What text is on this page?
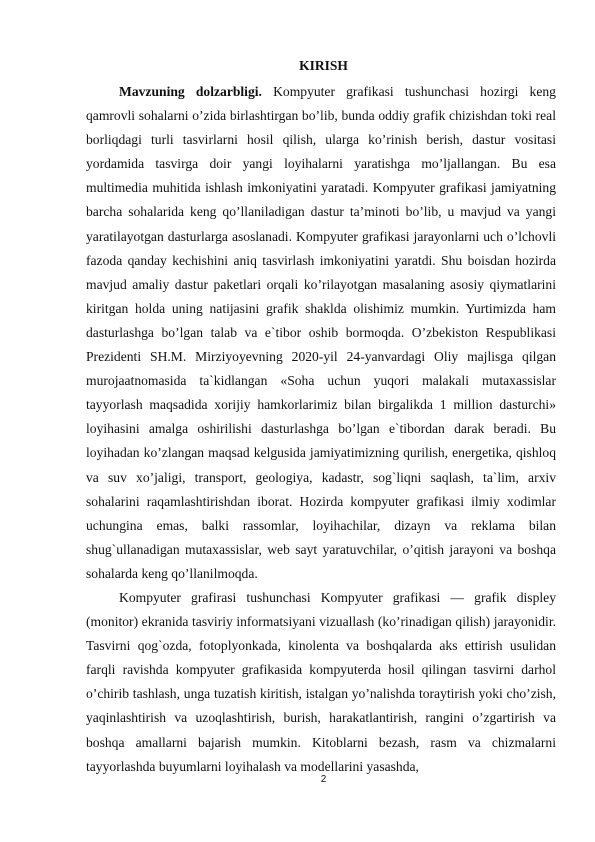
KIRISH

Mavzuning dolzarbligi. Kompyuter grafikasi tushunchasi hozirgi keng qamrovli sohalarni o’zida birlashtirgan bo’lib, bunda oddiy grafik chizishdan toki real borliqdagi turli tasvirlarni hosil qilish, ularga ko’rinish berish, dastur vositasi yordamida tasvirga doir yangi loyihalarni yaratishga mo’ljallangan. Bu esa multimedia muhitida ishlash imkoniyatini yaratadi. Kompyuter grafikasi jamiyatning barcha sohalarida keng qo’llaniladigan dastur ta’minoti bo’lib, u mavjud va yangi yaratilayotgan dasturlarga asoslanadi. Kompyuter grafikasi jarayonlarni uch o’lchovli fazoda qanday kechishini aniq tasvirlash imkoniyatini yaratdi. Shu boisdan hozirda mavjud amaliy dastur paketlari orqali ko’rilayotgan masalaning asosiy qiymatlarini kiritgan holda uning natijasini grafik shaklda olishimiz mumkin. Yurtimizda ham dasturlashga bo’lgan talab va e`tibor oshib bormoqda. O’zbekiston Respublikasi Prezidenti SH.M. Mirziyoyevning 2020-yil 24-yanvardagi Oliy majlisga qilgan murojaatnomasida ta`kidlangan «Soha uchun yuqori malakali mutaxassislar tayyorlash maqsadida xorijiy hamkorlarimiz bilan birgalikda 1 million dasturchi» loyihasini amalga oshirilishi dasturlashga bo’lgan e`tibordan darak beradi. Bu loyihadan ko’zlangan maqsad kelgusida jamiyatimizning qurilish, energetika, qishloq va suv xo’jaligi, transport, geologiya, kadastr, sog`liqni saqlash, ta`lim, arxiv sohalarini raqamlashtirishdan iborat. Hozirda kompyuter grafikasi ilmiy xodimlar uchungina emas, balki rassomlar, loyihachilar, dizayn va reklama bilan shug`ullanadigan mutaxassislar, web sayt yaratuvchilar, o’qitish jarayoni va boshqa sohalarda keng qo’llanilmoqda.

Kompyuter grafirasi tushunchasi Kompyuter grafikasi — grafik displey (monitor) ekranida tasviriy informatsiyani vizuallash (ko’rinadigan qilish) jarayonidir. Tasvirni qog`ozda, fotoplyonkada, kinolenta va boshqalarda aks ettirish usulidan farqli ravishda kompyuter grafikasida kompyuterda hosil qilingan tasvirni darhol o’chirib tashlash, unga tuzatish kiritish, istalgan yo’nalishda toraytirish yoki cho’zish, yaqinlashtirish va uzoqlashtirish, burish, harakatlantirish, rangini o’zgartirish va boshqa amallarni bajarish mumkin. Kitoblarni bezash, rasm va chizmalarni tayyorlashda buyumlarni loyihalash va modellarini yasashda,

2
